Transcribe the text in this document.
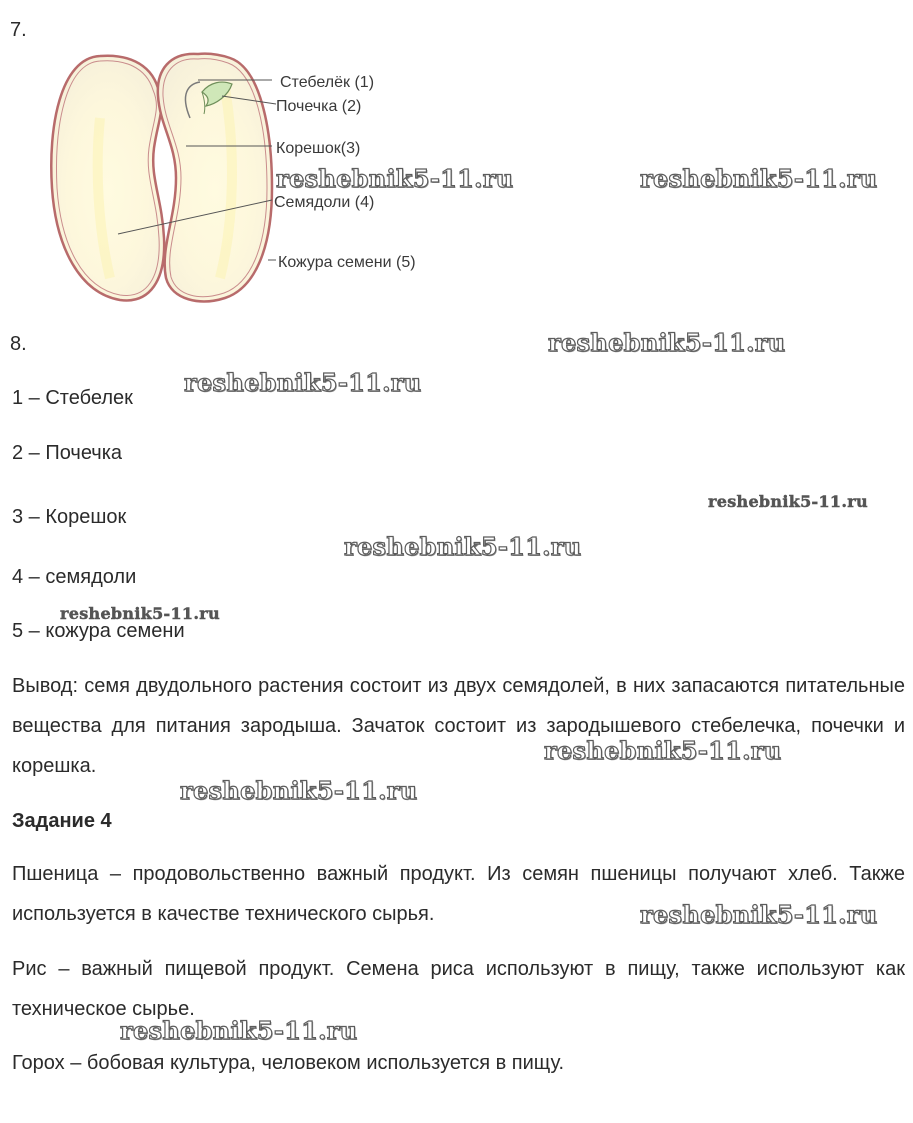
7.
Стебелёк (1)
Почечка (2)
Корешок(3)
Семядоли (4)
Кожура семени (5)
reshebnik5-11.ru	reshebnik5-11.ru
reshebnik5-11.ru
reshebnik5-11.ru
reshebnik5-11.ru
reshebnik5-11.ru
reshebnik5-11.ru
reshebnik5-11.ru
reshebnik5-11.ru
reshebnik5-11.ru
reshebnik5-11.ru
8.
1 – Стебелек
2 – Почечка
3 – Корешок
4 – семядоли
5 – кожура семени
Вывод: семя двудольного растения состоит из двух семядолей, в них запасаются питательные вещества для питания зародыша. Зачаток состоит из зародышевого стебелечка, почечки и корешка.
Задание 4
Пшеница – продовольственно важный продукт. Из семян пшеницы получают хлеб. Также используется в качестве технического сырья.
Рис – важный пищевой продукт. Семена риса используют в пищу, также используют как техническое сырье.
Горох – бобовая культура, человеком используется в пищу.
